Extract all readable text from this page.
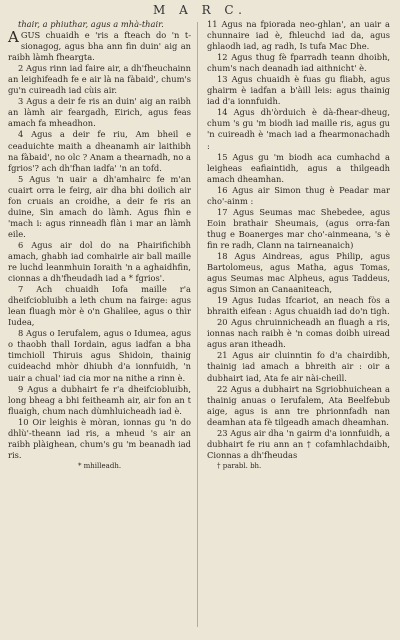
M A R C.

thair, a phiuthar, agus a mhà-thair.

AGUS chuaidh e 'ris a fteach do 'n t-sionagog, agus bha ann fin duin' aig an raibh làmh fheargta.

2 Agus rinn iad faire air, a dh'fheuchainn an leighifeadh fe e air là na fàbaid', chum's gu'n cuireadh iad cùis air.

3 Agus a deir fe ris an duin' aig an raibh an làmh air feargadh, Eirich, agus feas amach fa mheadhon.

4 Agus a deir fe riu, Am bheil e ceaduichte maith a dheanamh air laithibh na fàbaid', no olc ? Anam a thearnadh, no a fgrios'? ach dh'fhan iadfa' 'n an tofd.

5 Agus 'n uair a dh'amhairc fe m'an cuairt orra le feirg, air dha bhi doilich air fon cruais an croidhe, a deir fe ris an duine, Sìn amach do làmh. Agus fhìn e 'mach i: agus rinneadh flàn i mar an làmh eile.

6 Agus air dol do na Phairifichibh amach, ghabh iad comhairle air ball maille re luchd leanmhuin Ioraith 'n a aghaidhfin, cionnas a dh'fheudadh iad a * fgrios'.

7 Ach chuaidh Iofa maille r'a dheifciobluibh a leth chum na fairge: agus lean fluagh mòr è o'n Ghalilee, agus o thìr Iudea,

8 Agus o Ierufalem, agus o Idumea, agus o thaobh thall Iordain, agus iadfan a bha timchioll Thiruis agus Shidoin, thainig cuideachd mhòr dhiubh d'a ionnfuidh, 'n uair a chual' iad cia mor na nithe a rinn è.

9 Agus a dubhairt fe r'a dheifciobluibh, long bheag a bhi feitheamh air, air fon an t fluaigh, chum nach dùmhluicheadh iad è.

10 Oir leighis è mòran, ionnas gu 'n do dhlù'-theann iad ris, a mheud 's air an raibh plàighean, chum's gu 'm beanadh iad ris.

* mhilleadh.

11 Agus na fpiorada neo-ghlan', an uair a chunnaire iad è, fhleuchd iad da, agus ghlaodh iad, ag radh, Is tufa Mac Dhe.

12 Agus thug fè fparradh teann dhoibh, chum's nach deanadh iad aithnicht' è.

13 Agus chuaidh è fuas gu fliabh, agus ghairm è iadfan a b'àill leis: agus thainig iad d'a ionnfuidh.

14 Agus dh'òrduich è dà-fhear-dheug, chum 's gu 'm biodh iad maille ris, agus gu 'n cuireadh è 'mach iad a fhearmonachadh :

15 Agus gu 'm biodh aca cumhachd a leigheas eafiaintidh, agus a thilgeadh amach dheamhan.

16 Agus air Simon thug è Peadar mar cho'-ainm :

17 Agus Seumas mac Shebedee, agus Eoin brathair Sheumais, (agus orra-fan thug e Boanerges mar cho'-ainmeana, 's è fin re radh, Clann na tairneanaich)

18 Agus Aindreas, agus Philip, agus Bartolomeus, agus Matha, agus Tomas, agus Seumas mac Alpheus, agus Taddeus, agus Simon an Canaaniteach,

19 Agus Iudas Ifcariot, an neach fòs a bhraith eifean : Agus chuaidh iad do'n tigh.

20 Agus chruinnicheadh an fluagh a ris, ionnas nach raibh è 'n comas doibh uiread agus aran itheadh.

21 Agus air cluinntin fo d'a chairdibh, thainig iad amach a bhreith air : oir a dubhairt iad, Ata fe air nài-cheill.

22 Agus a dubhairt na Sgriobhuichean a thainig anuas o Ierufalem, Ata Beelfebub aige, agus is ann tre phrionnfadh nan deamhan ata fè tilgeadh amach dheamhan.

23 Agus air dha 'n gairm d'a ionnfuidh, a dubhairt fe riu ann an † cofamhlachdaibh, Cionnas a dh'fheudas

† parabl. bh.
